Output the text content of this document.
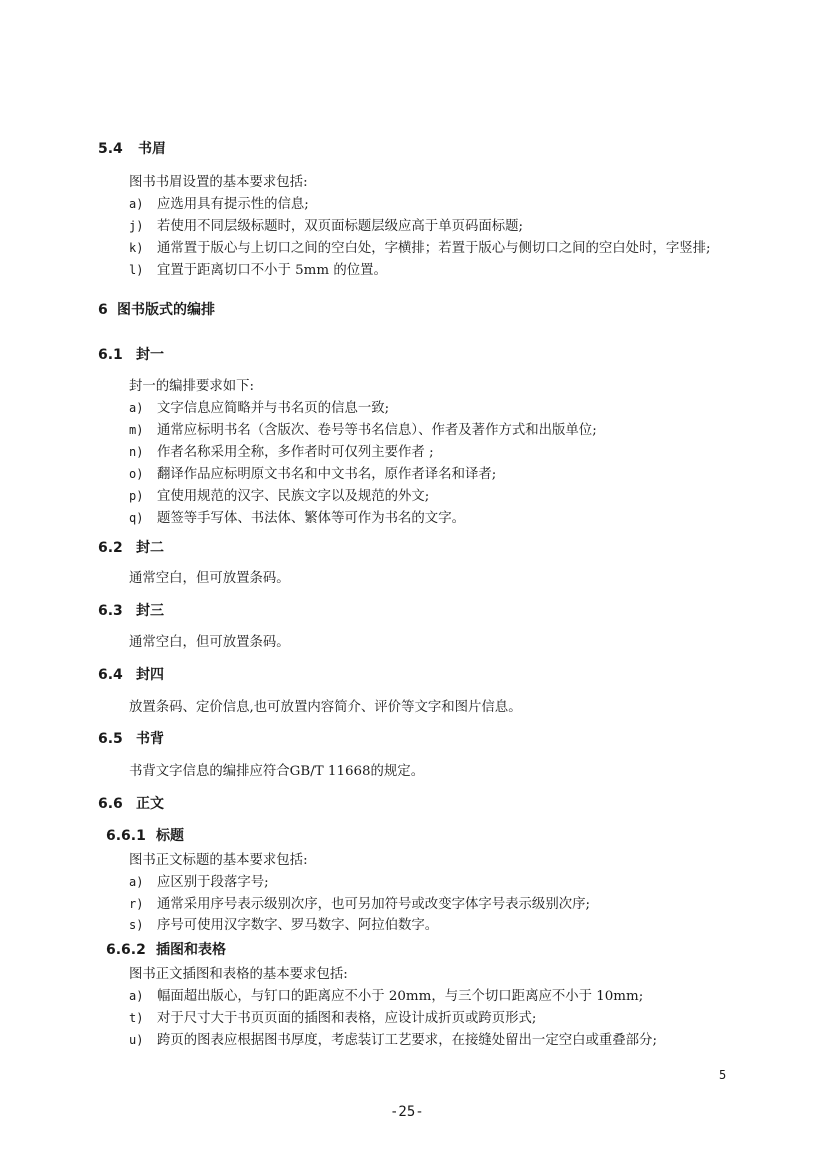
5.4 书眉
图书书眉设置的基本要求包括:
a) 应选用具有提示性的信息;
j) 若使用不同层级标题时，双页面标题层级应高于单页码面标题;
k) 通常置于版心与上切口之间的空白处，字横排；若置于版心与侧切口之间的空白处时，字竖排;
l) 宜置于距离切口不小于 5mm 的位置。
6 图书版式的编排
6.1 封一
封一的编排要求如下:
a) 文字信息应简略并与书名页的信息一致;
m) 通常应标明书名（含版次、卷号等书名信息）、作者及著作方式和出版单位;
n) 作者名称采用全称，多作者时可仅列主要作者 ;
o) 翻译作品应标明原文书名和中文书名，原作者译名和译者;
p) 宜使用规范的汉字、民族文字以及规范的外文;
q) 题签等手写体、书法体、繁体等可作为书名的文字。
6.2 封二
通常空白，但可放置条码。
6.3 封三
通常空白，但可放置条码。
6.4 封四
放置条码、定价信息,也可放置内容简介、评价等文字和图片信息。
6.5 书背
书背文字信息的编排应符合GB/T 11668的规定。
6.6 正文
6.6.1 标题
图书正文标题的基本要求包括:
a) 应区别于段落字号;
r) 通常采用序号表示级别次序，也可另加符号或改变字体字号表示级别次序;
s) 序号可使用汉字数字、罗马数字、阿拉伯数字。
6.6.2 插图和表格
图书正文插图和表格的基本要求包括:
a) 幅面超出版心，与钉口的距离应不小于 20mm，与三个切口距离应不小于 10mm;
t) 对于尺寸大于书页页面的插图和表格，应设计成折页或跨页形式;
u) 跨页的图表应根据图书厚度，考虑装订工艺要求，在接缝处留出一定空白或重叠部分;
5
-25-
